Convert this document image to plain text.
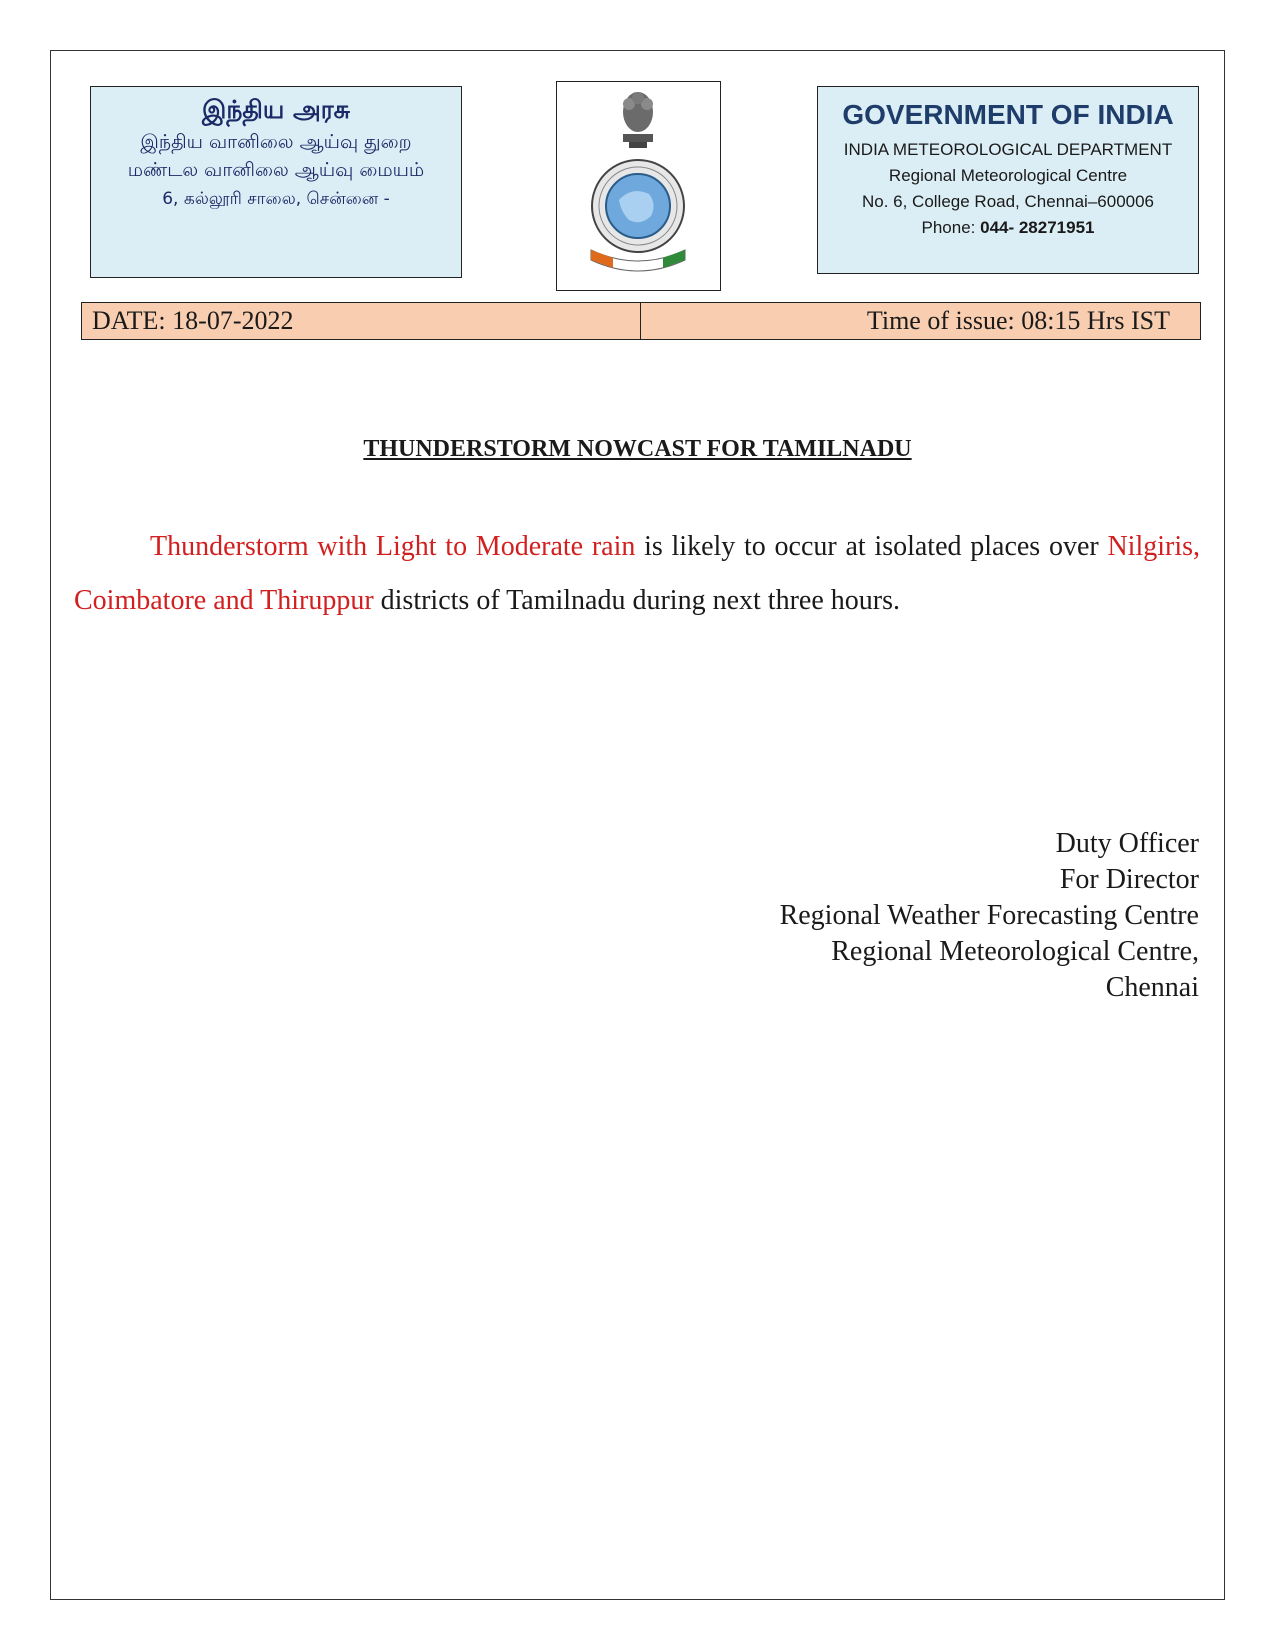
இந்திய அரசு
இந்திய வானிலை ஆய்வு துறை
மண்டல வானிலை ஆய்வு மையம்
6, கல்லூரி சாலை, சென்னை -
GOVERNMENT OF INDIA
INDIA METEOROLOGICAL DEPARTMENT
Regional Meteorological Centre
No. 6, College Road, Chennai–600006
Phone: 044- 28271951
DATE: 18-07-2022	Time of issue: 08:15 Hrs IST
THUNDERSTORM NOWCAST FOR TAMILNADU
Thunderstorm with Light to Moderate rain is likely to occur at isolated places over Nilgiris, Coimbatore and Thiruppur districts of Tamilnadu during next three hours.
Duty Officer
For Director
Regional Weather Forecasting Centre
Regional Meteorological Centre,
Chennai
